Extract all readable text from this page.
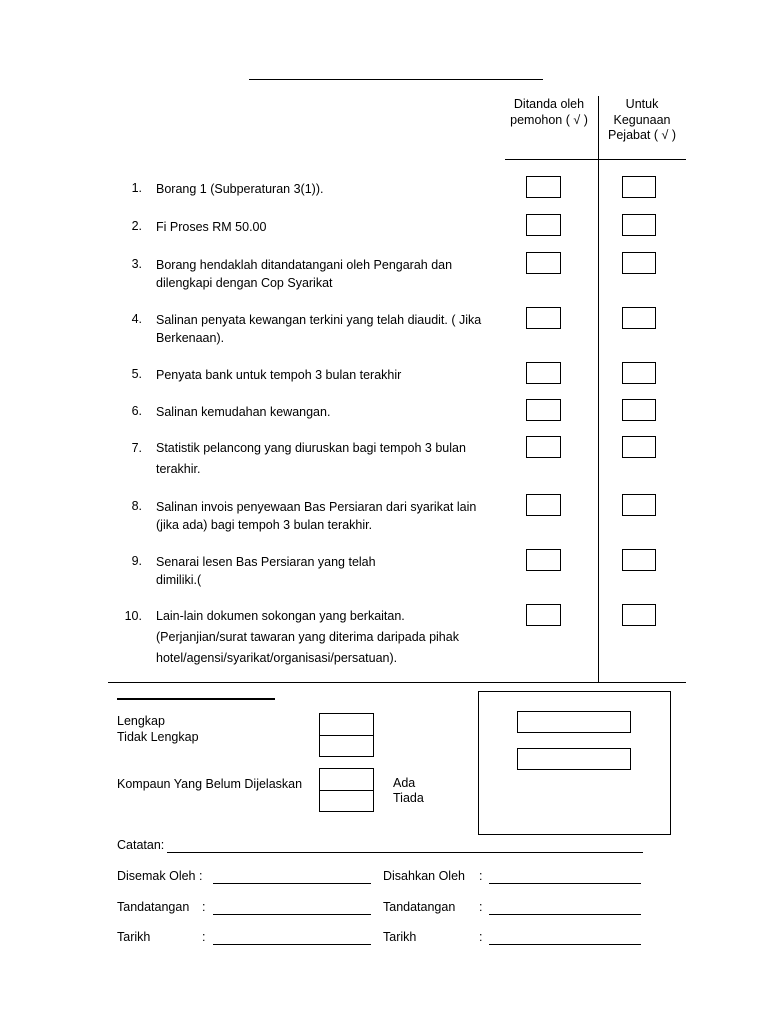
Ditanda oleh pemohon ( √ )
Untuk Kegunaan Pejabat ( √ )
1. Borang 1 (Subperaturan 3(1)).
2. Fi Proses RM 50.00
3. Borang hendaklah ditandatangani oleh Pengarah dan dilengkapi dengan Cop Syarikat
4. Salinan penyata kewangan terkini yang telah diaudit. ( Jika Berkenaan).
5. Penyata bank untuk tempoh 3 bulan terakhir
6. Salinan kemudahan kewangan.
7. Statistik pelancong yang diuruskan bagi tempoh 3 bulan terakhir.
8. Salinan invois penyewaan Bas Persiaran dari syarikat lain (jika ada) bagi tempoh 3 bulan terakhir.
9. Senarai lesen Bas Persiaran yang telah dimiliki.(
10. Lain-lain dokumen sokongan yang berkaitan. (Perjanjian/surat tawaran yang diterima daripada pihak hotel/agensi/syarikat/organisasi/persatuan).
Lengkap
Tidak Lengkap
Kompaun Yang Belum Dijelaskan	Ada
Tiada
Catatan:
Disemak Oleh :	Disahkan Oleh :
Tandatangan :	Tandatangan :
Tarikh	:	Tarikh	:
